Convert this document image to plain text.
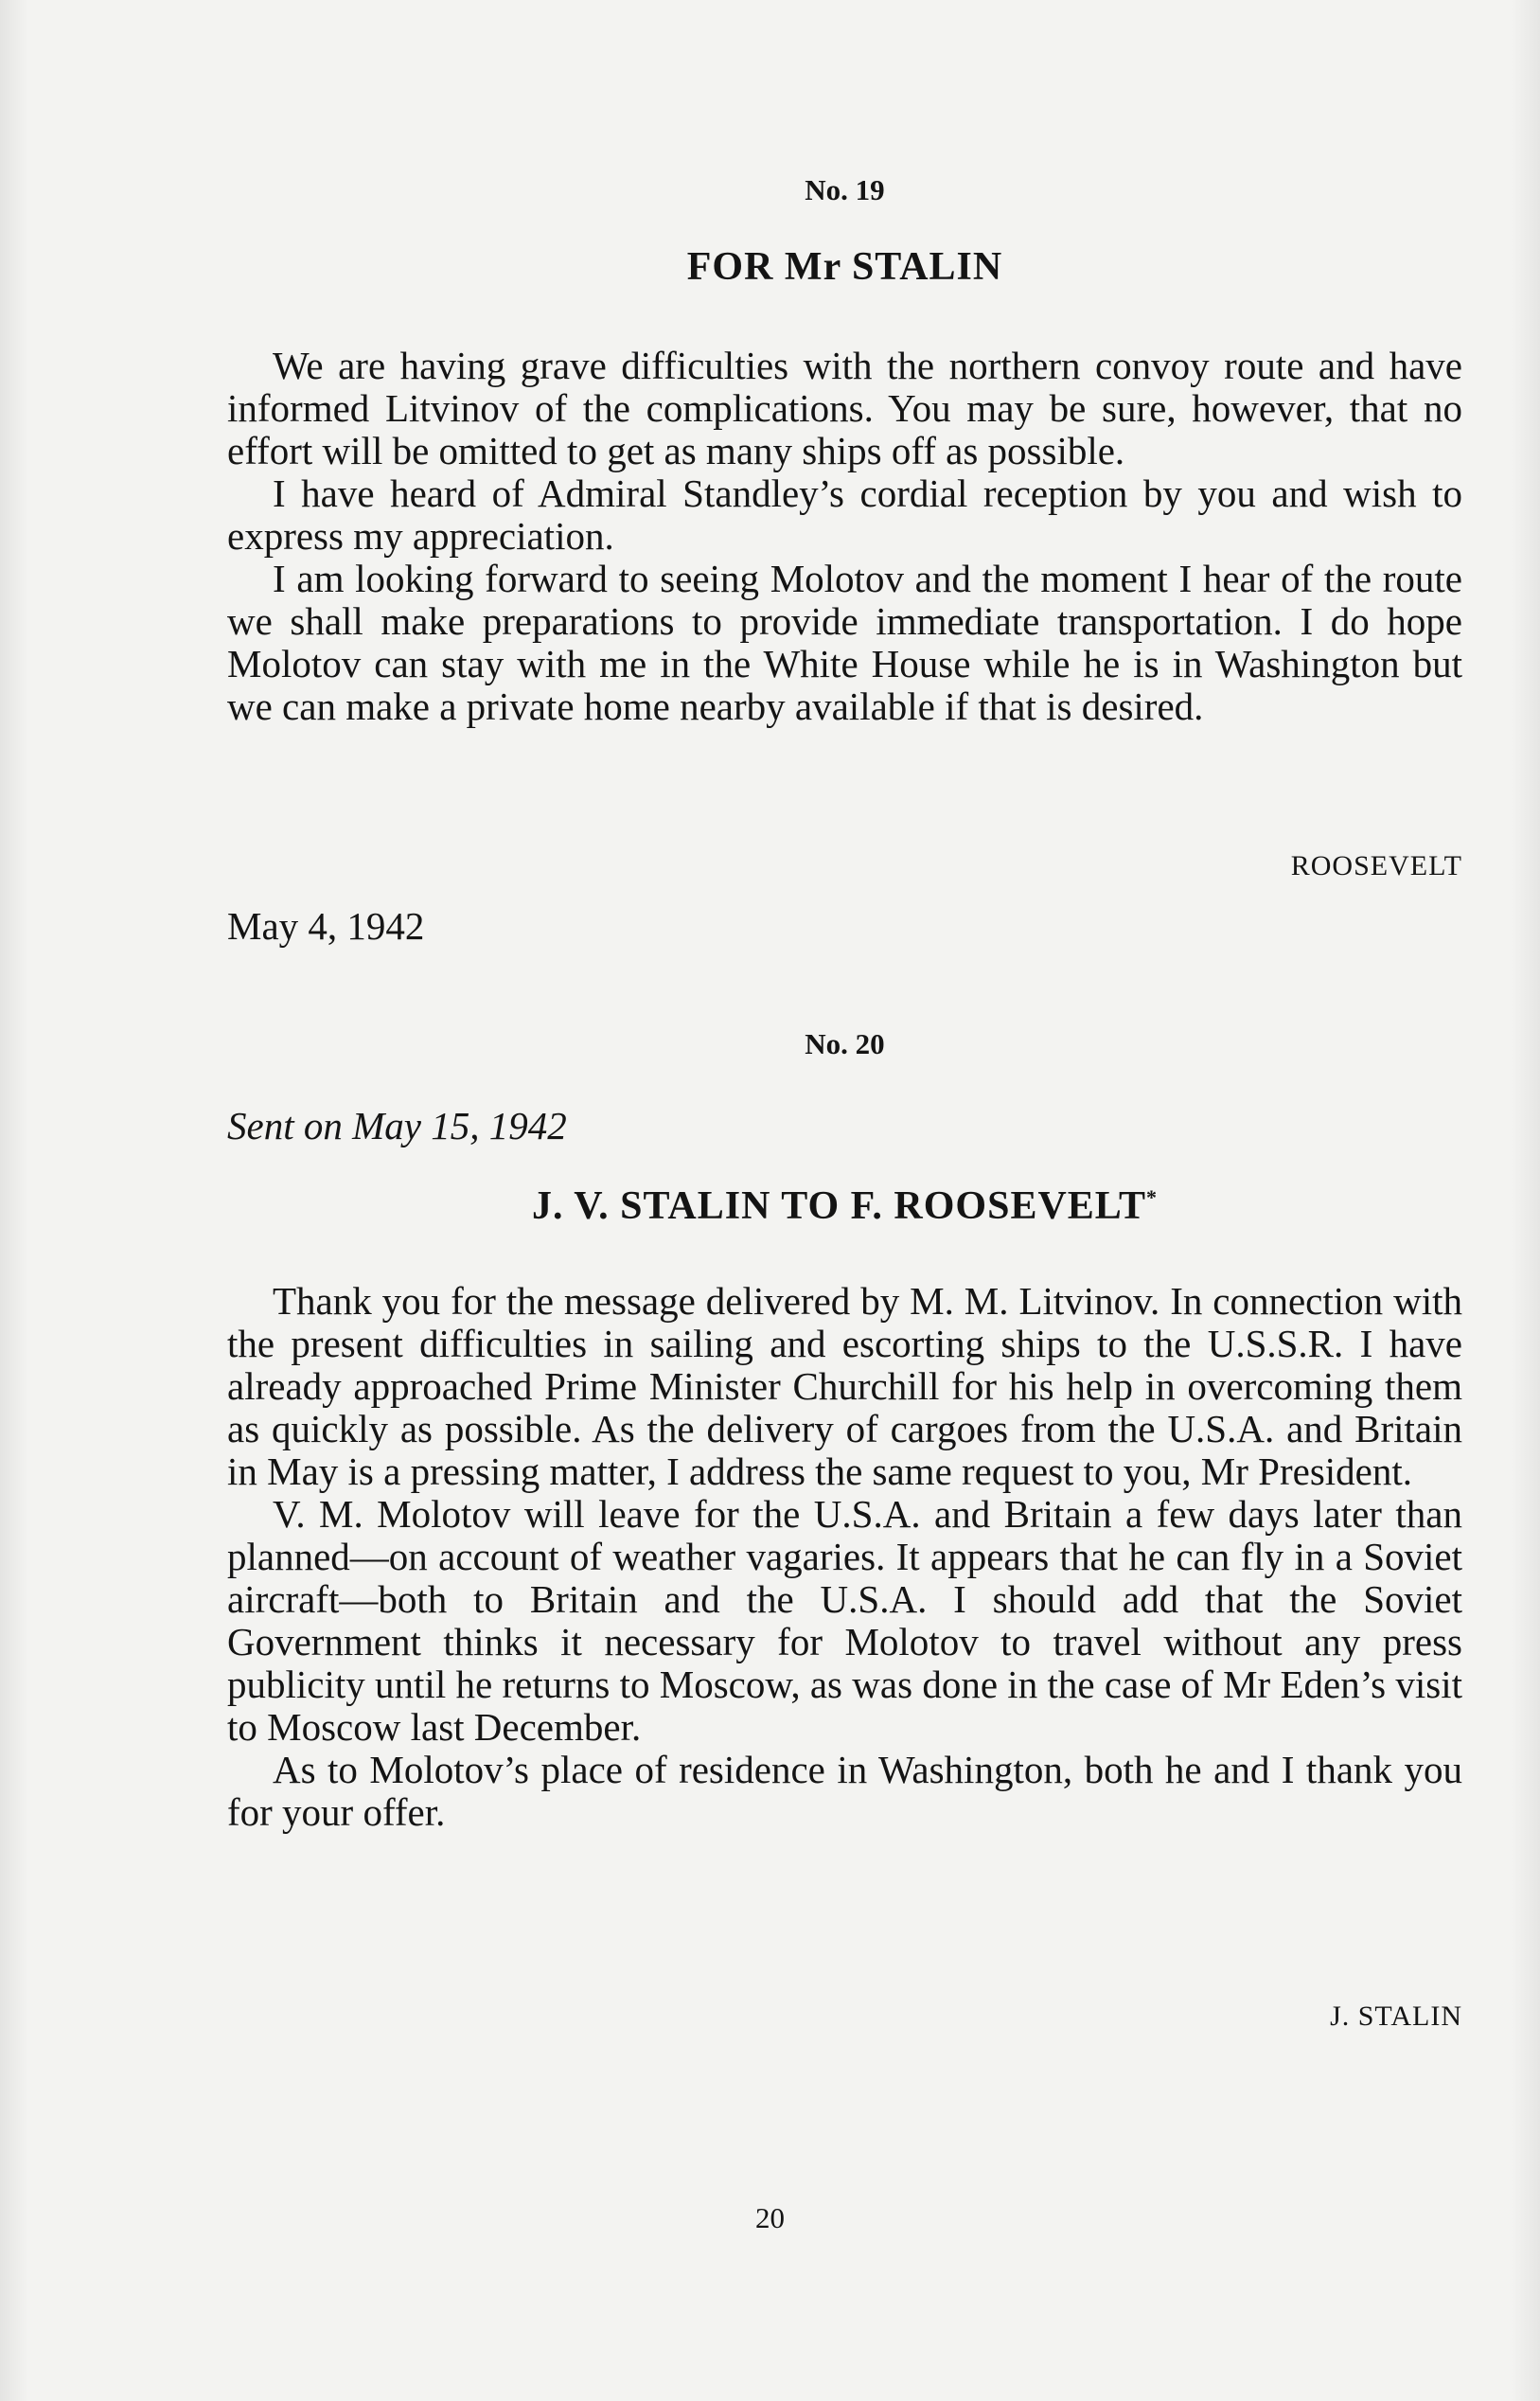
No. 19
FOR Mr STALIN

We are having grave difficulties with the northern convoy route and have informed Litvinov of the complications. You may be sure, however, that no effort will be omitted to get as many ships off as possible.

I have heard of Admiral Standley’s cordial reception by you and wish to express my appreciation.

I am looking forward to seeing Molotov and the moment I hear of the route we shall make preparations to provide immediate transportation. I do hope Molotov can stay with me in the White House while he is in Washington but we can make a private home nearby available if that is desired.

ROOSEVELT
May 4, 1942
No. 20
Sent on May 15, 1942
J. V. STALIN TO F. ROOSEVELT*

Thank you for the message delivered by M. M. Litvinov. In connection with the present difficulties in sailing and escorting ships to the U.S.S.R. I have already approached Prime Minister Churchill for his help in overcoming them as quickly as possible. As the delivery of cargoes from the U.S.A. and Britain in May is a pressing matter, I address the same request to you, Mr President.

V. M. Molotov will leave for the U.S.A. and Britain a few days later than planned—on account of weather vagaries. It appears that he can fly in a Soviet aircraft—both to Britain and the U.S.A. I should add that the Soviet Government thinks it necessary for Molotov to travel without any press publicity until he returns to Moscow, as was done in the case of Mr Eden’s visit to Moscow last December.

As to Molotov’s place of residence in Washington, both he and I thank you for your offer.

J. STALIN
20
